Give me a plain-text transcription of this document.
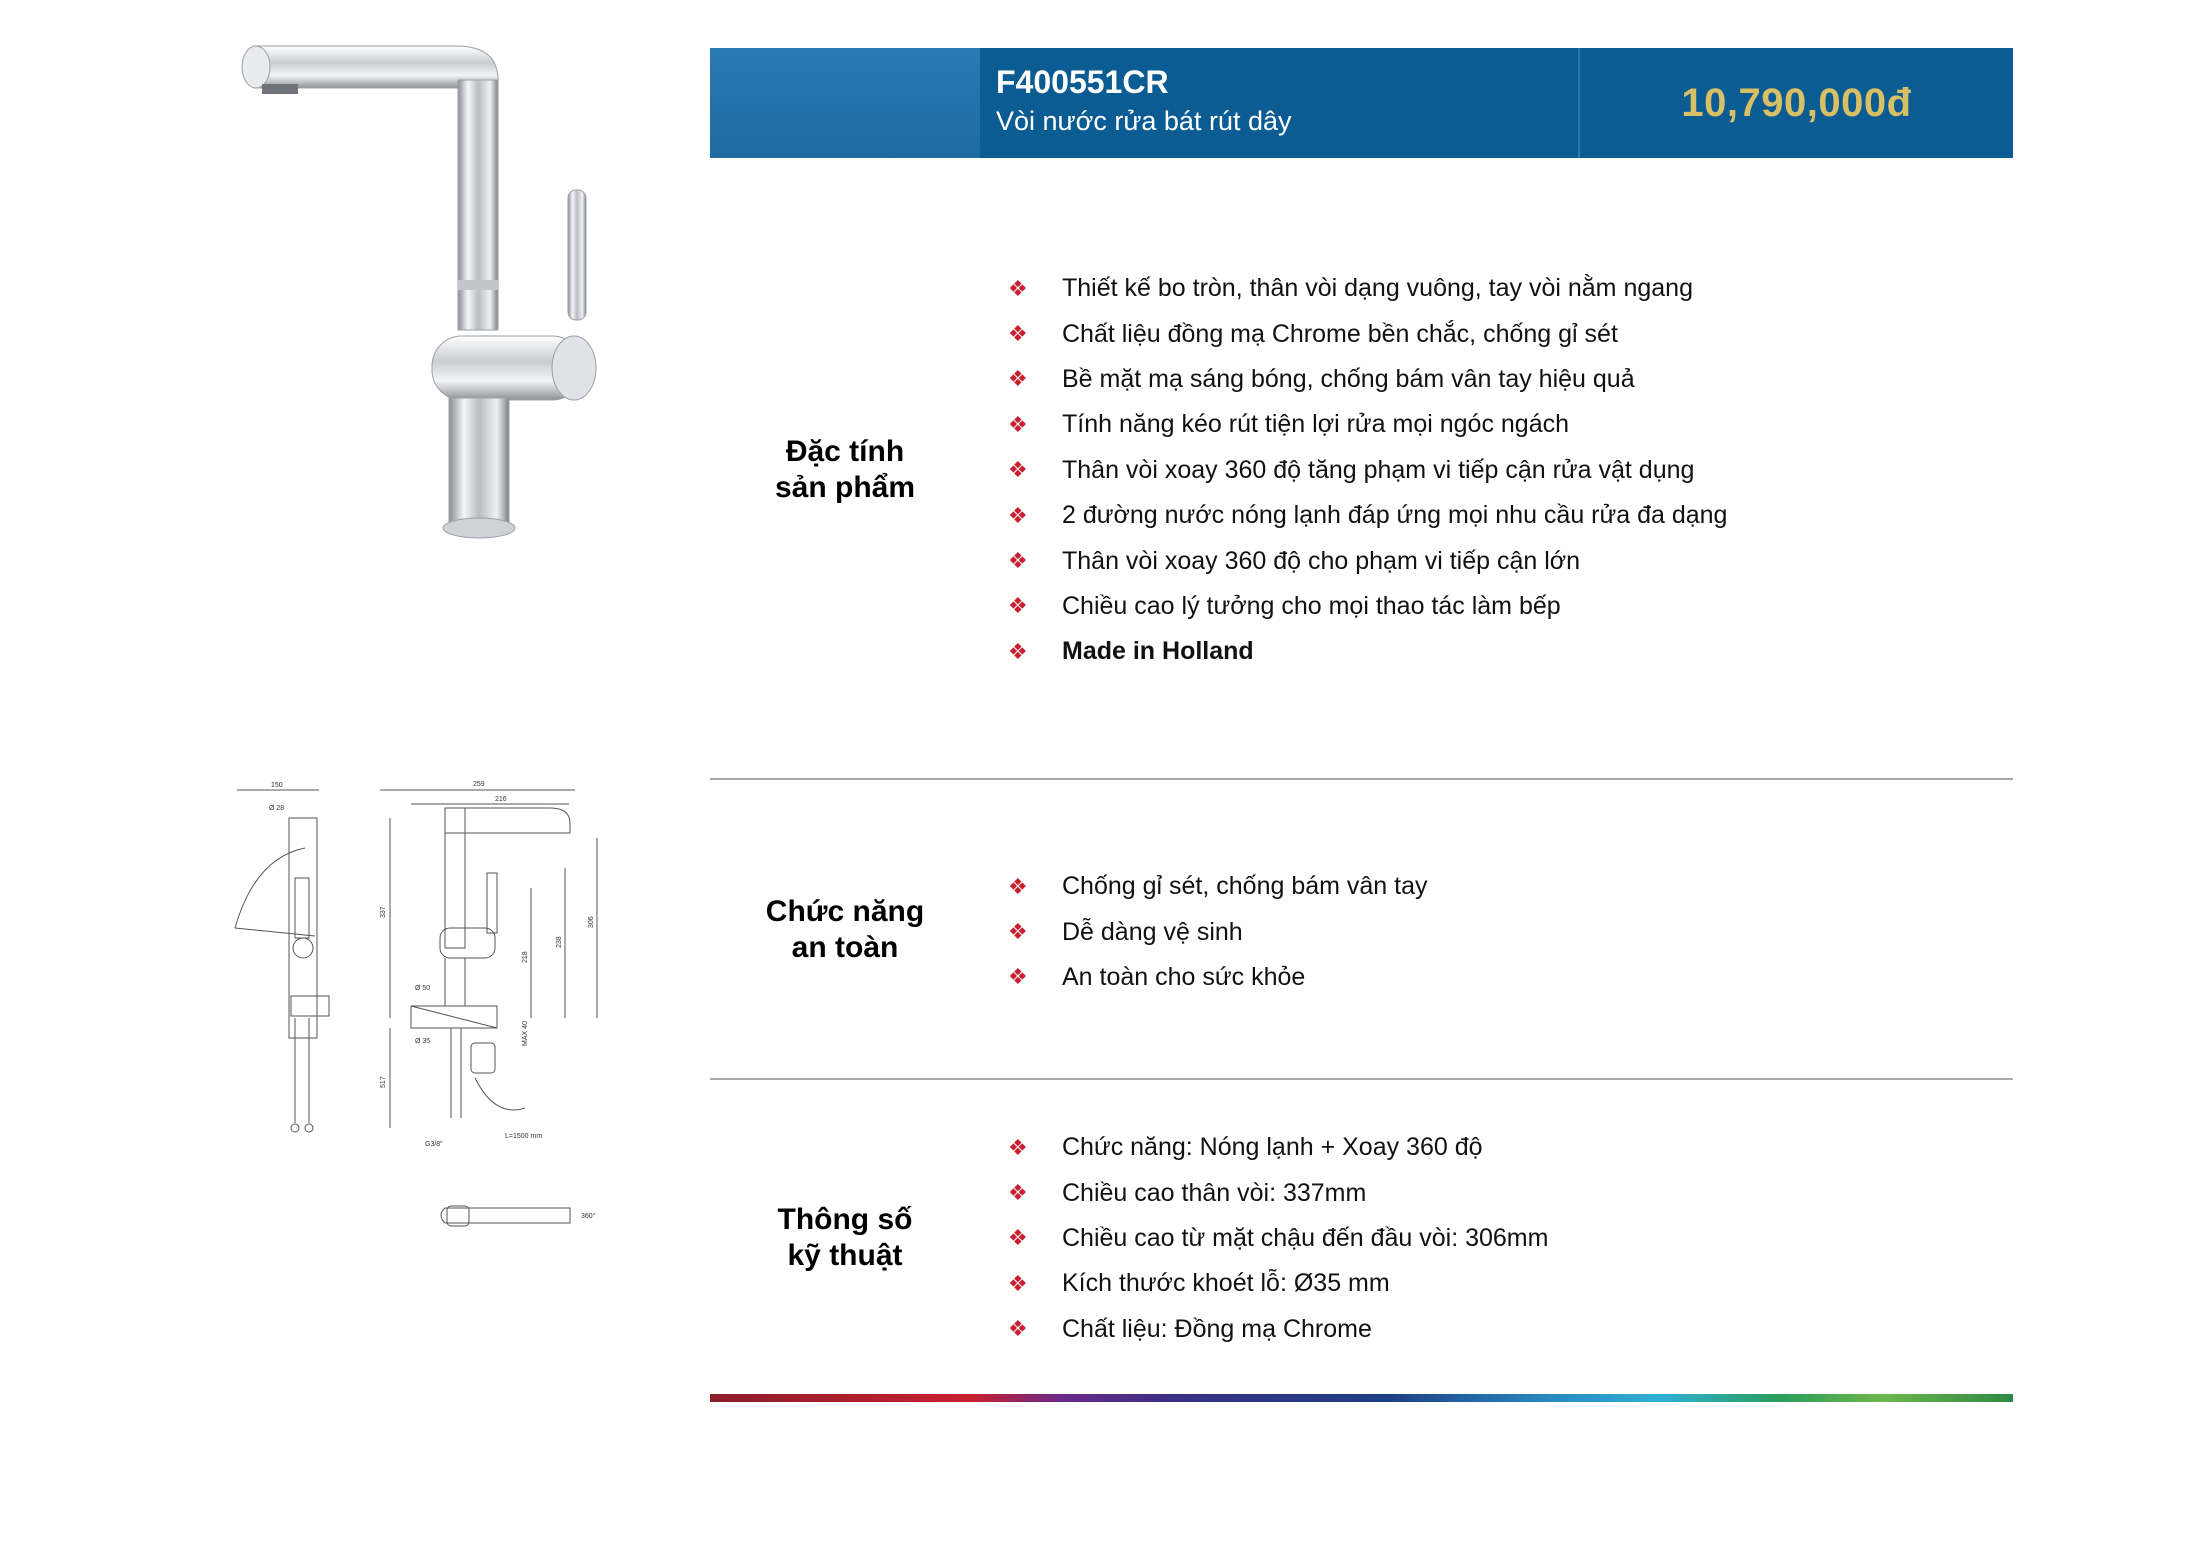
150
Ø 28
259
216
337
306
238
218
Ø 50
Ø 35	MAX 40
517
G3/8"
L=1500 mm
360°
F400551CR
Vòi nước rửa bát rút dây	10,790,000đ
Đặc tính
sản phẩm
❖	Thiết kế bo tròn, thân vòi dạng vuông, tay vòi nằm ngang
❖	Chất liệu đồng mạ Chrome bền chắc, chống gỉ sét
❖	Bề mặt mạ sáng bóng, chống bám vân tay hiệu quả
❖	Tính năng kéo rút tiện lợi rửa mọi ngóc ngách
❖	Thân vòi xoay 360 độ tăng phạm vi tiếp cận rửa vật dụng
❖	2 đường nước nóng lạnh đáp ứng mọi nhu cầu rửa đa dạng
❖	Thân vòi xoay 360 độ cho phạm vi tiếp cận lớn
❖	Chiều cao lý tưởng cho mọi thao tác làm bếp
❖	Made in Holland
Chức năng
an toàn
❖	Chống gỉ sét, chống bám vân tay
❖	Dễ dàng vệ sinh
❖	An toàn cho sức khỏe
Thông số
kỹ thuật
❖	Chức năng: Nóng lạnh + Xoay 360 độ
❖	Chiều cao thân vòi: 337mm
❖	Chiều cao từ mặt chậu đến đầu vòi: 306mm
❖	Kích thước khoét lỗ: Ø35 mm
❖	Chất liệu: Đồng mạ Chrome
